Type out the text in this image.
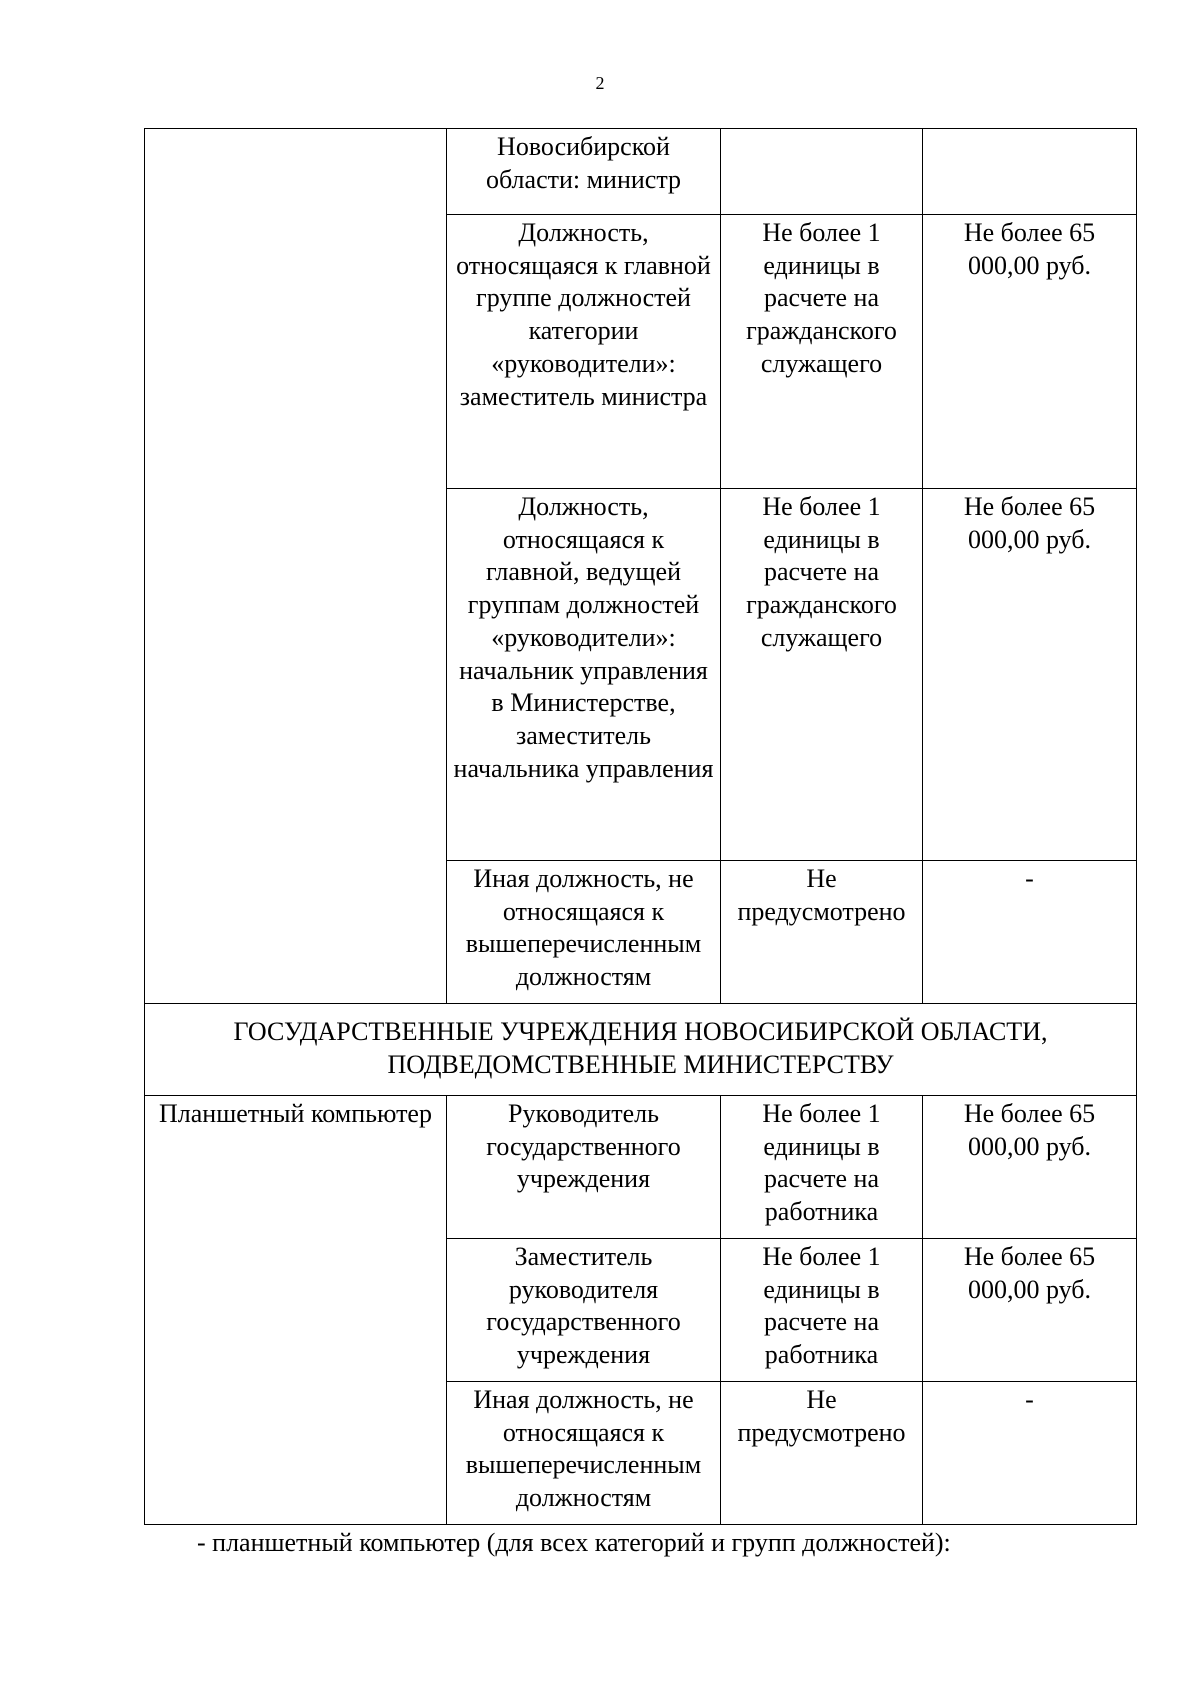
2
	Новосибирской области: министр		
	Должность, относящаяся к главной группе должностей категории «руководители»: заместитель министра	Не более 1 единицы в расчете на гражданского служащего	Не более 65 000,00 руб.
	Должность, относящаяся к главной, ведущей группам должностей «руководители»: начальник управления в Министерстве, заместитель начальника управления	Не более 1 единицы в расчете на гражданского служащего	Не более 65 000,00 руб.
	Иная должность, не относящаяся к вышеперечисленным должностям	Не предусмотрено	-
ГОСУДАРСТВЕННЫЕ УЧРЕЖДЕНИЯ НОВОСИБИРСКОЙ ОБЛАСТИ, ПОДВЕДОМСТВЕННЫЕ МИНИСТЕРСТВУ			
Планшетный компьютер	Руководитель государственного учреждения	Не более 1 единицы в расчете на работника	Не более 65 000,00 руб.
	Заместитель руководителя государственного учреждения	Не более 1 единицы в расчете на работника	Не более 65 000,00 руб.
	Иная должность, не относящаяся к вышеперечисленным должностям	Не предусмотрено	-
- планшетный компьютер (для всех категорий и групп должностей):
